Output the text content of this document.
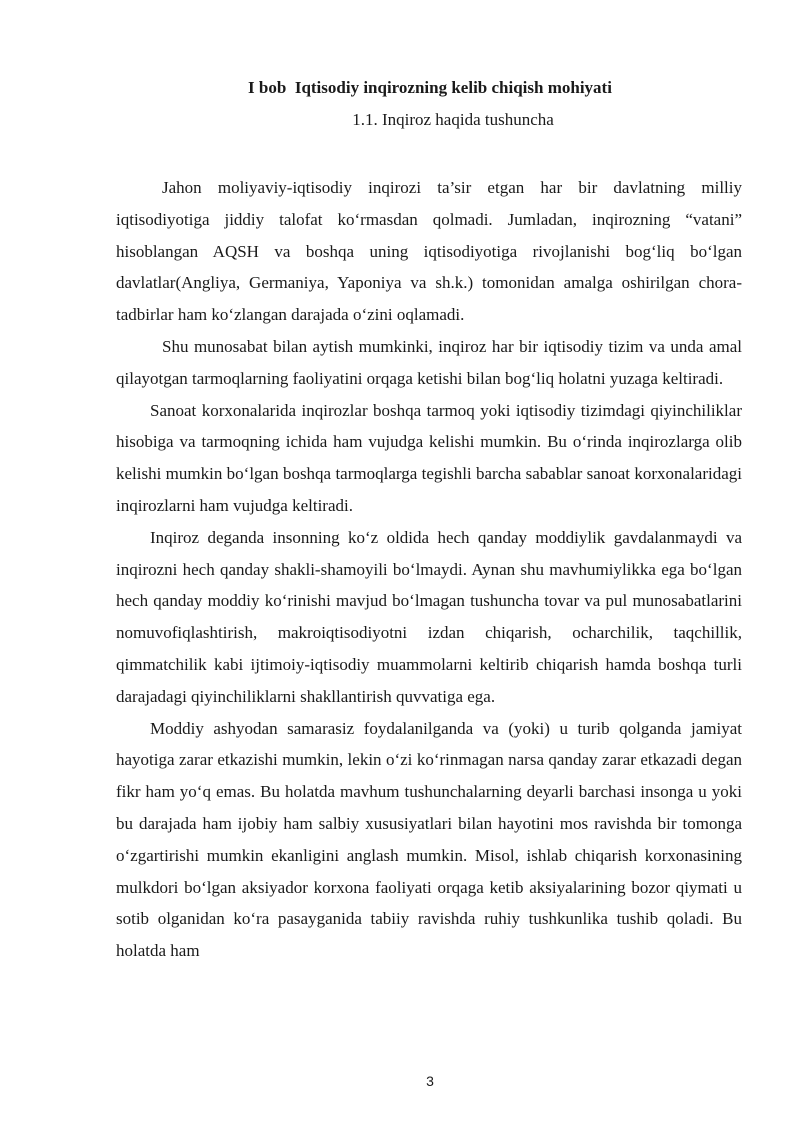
I bob  Iqtisodiy inqirozning kelib chiqish mohiyati
1.1. Inqiroz haqida tushuncha

Jahon moliyaviy-iqtisodiy inqirozi ta’sir etgan har bir davlatning milliy iqtisodiyotiga jiddiy talofat ko‘rmasdan qolmadi. Jumladan, inqirozning “vatani” hisoblangan AQSH va boshqa uning iqtisodiyotiga rivojlanishi bog‘liq bo‘lgan davlatlar(Angliya, Germaniya, Yaponiya va sh.k.) tomonidan amalga oshirilgan chora-tadbirlar ham ko‘zlangan darajada o‘zini oqlamadi.

Shu munosabat bilan aytish mumkinki, inqiroz har bir iqtisodiy tizim va unda amal qilayotgan tarmoqlarning faoliyatini orqaga ketishi bilan bog‘liq holatni yuzaga keltiradi.

Sanoat korxonalarida inqirozlar boshqa tarmoq yoki iqtisodiy tizimdagi qiyinchiliklar hisobiga va tarmoqning ichida ham vujudga kelishi mumkin. Bu o‘rinda inqirozlarga olib kelishi mumkin bo‘lgan boshqa tarmoqlarga tegishli barcha sabablar sanoat korxonalaridagi inqirozlarni ham vujudga keltiradi.

Inqiroz deganda insonning ko‘z oldida hech qanday moddiylik gavdalanmaydi va inqirozni hech qanday shakli-shamoyili bo‘lmaydi. Aynan shu mavhumiylikka ega bo‘lgan hech qanday moddiy ko‘rinishi mavjud bo‘lmagan tushuncha tovar va pul munosabatlarini nomuvofiqlashtirish, makroiqtisodiyotni izdan chiqarish, ocharchilik, taqchillik, qimmatchilik kabi ijtimoiy-iqtisodiy muammolarni keltirib chiqarish hamda boshqa turli darajadagi qiyinchiliklarni shakllantirish quvvatiga ega.

Moddiy ashyodan samarasiz foydalanilganda va (yoki) u turib qolganda jamiyat hayotiga zarar etkazishi mumkin, lekin o‘zi ko‘rinmagan narsa qanday zarar etkazadi degan fikr ham yo‘q emas. Bu holatda mavhum tushunchalarning deyarli barchasi insonga u yoki bu darajada ham ijobiy ham salbiy xususiyatlari bilan hayotini mos ravishda bir tomonga o‘zgartirishi mumkin ekanligini anglash mumkin. Misol, ishlab chiqarish korxonasining mulkdori bo‘lgan aksiyador korxona faoliyati orqaga ketib aksiyalarining bozor qiymati u sotib olganidan ko‘ra pasayganida tabiiy ravishda ruhiy tushkunlika tushib qoladi. Bu holatda ham

3
